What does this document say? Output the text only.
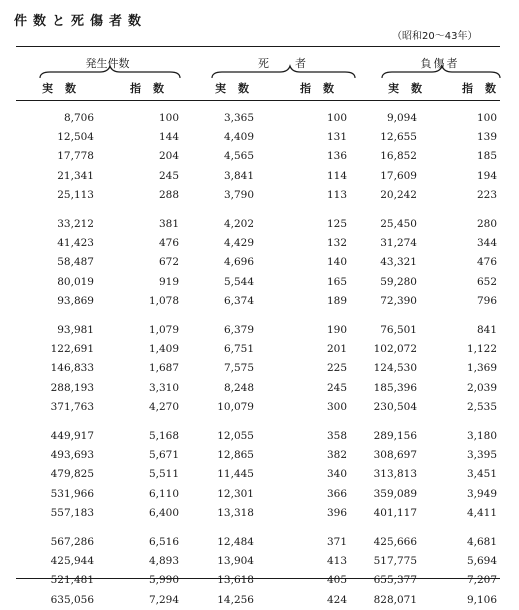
件数と死傷者数
（昭和20～43年）
発生件数	死者	負傷者
実数	指数	実数	指数	実数	指数
8,706	100	3,365	100	9,094	100
12,504	144	4,409	131	12,655	139
17,778	204	4,565	136	16,852	185
21,341	245	3,841	114	17,609	194
25,113	288	3,790	113	20,242	223
33,212	381	4,202	125	25,450	280
41,423	476	4,429	132	31,274	344
58,487	672	4,696	140	43,321	476
80,019	919	5,544	165	59,280	652
93,869	1,078	6,374	189	72,390	796
93,981	1,079	6,379	190	76,501	841
122,691	1,409	6,751	201	102,072	1,122
146,833	1,687	7,575	225	124,530	1,369
288,193	3,310	8,248	245	185,396	2,039
371,763	4,270	10,079	300	230,504	2,535
449,917	5,168	12,055	358	289,156	3,180
493,693	5,671	12,865	382	308,697	3,395
479,825	5,511	11,445	340	313,813	3,451
531,966	6,110	12,301	366	359,089	3,949
557,183	6,400	13,318	396	401,117	4,411
567,286	6,516	12,484	371	425,666	4,681
425,944	4,893	13,904	413	517,775	5,694
521,481	5,990	13,618	405	655,377	7,207
635,056	7,294	14,256	424	828,071	9,106
